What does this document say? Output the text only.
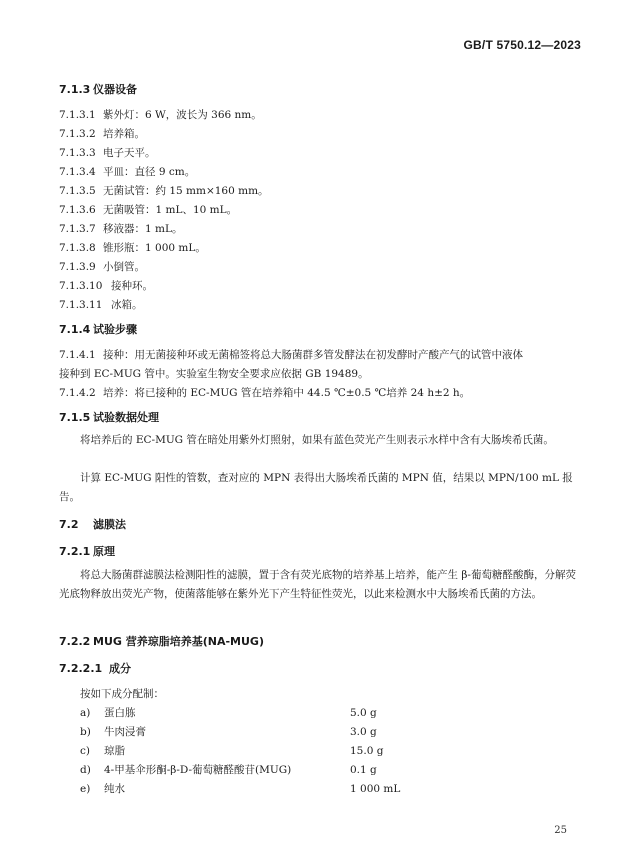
GB/T 5750.12—2023
7.1.3 仪器设备
7.1.3.1 紫外灯：6 W，波长为 366 nm。
7.1.3.2 培养箱。
7.1.3.3 电子天平。
7.1.3.4 平皿：直径 9 cm。
7.1.3.5 无菌试管：约 15 mm×160 mm。
7.1.3.6 无菌吸管：1 mL、10 mL。
7.1.3.7 移液器：1 mL。
7.1.3.8 锥形瓶：1 000 mL。
7.1.3.9 小倒管。
7.1.3.10 接种环。
7.1.3.11 冰箱。
7.1.4 试验步骤
7.1.4.1 接种：用无菌接种环或无菌棉签将总大肠菌群多管发酵法在初发酵时产酸产气的试管中液体
接种到 EC-MUG 管中。实验室生物安全要求应依据 GB 19489。
7.1.4.2 培养：将已接种的 EC-MUG 管在培养箱中 44.5 ℃±0.5 ℃培养 24 h±2 h。
7.1.5 试验数据处理
将培养后的 EC-MUG 管在暗处用紫外灯照射，如果有蓝色荧光产生则表示水样中含有大肠埃希氏菌。
计算 EC-MUG 阳性的管数，查对应的 MPN 表得出大肠埃希氏菌的 MPN 值，结果以 MPN/100 mL 报告。
7.2 滤膜法
7.2.1 原理
将总大肠菌群滤膜法检测阳性的滤膜，置于含有荧光底物的培养基上培养，能产生 β-葡萄糖醛酸酶，分解荧光底物释放出荧光产物，使菌落能够在紫外光下产生特征性荧光，以此来检测水中大肠埃希氏菌的方法。
7.2.2 MUG 营养琼脂培养基(NA-MUG)
7.2.2.1 成分
按如下成分配制：
a) 蛋白胨	5.0 g
b) 牛肉浸膏	3.0 g
c) 琼脂	15.0 g
d) 4-甲基伞形酮-β-D-葡萄糖醛酸苷(MUG)	0.1 g
e) 纯水	1 000 mL
25
